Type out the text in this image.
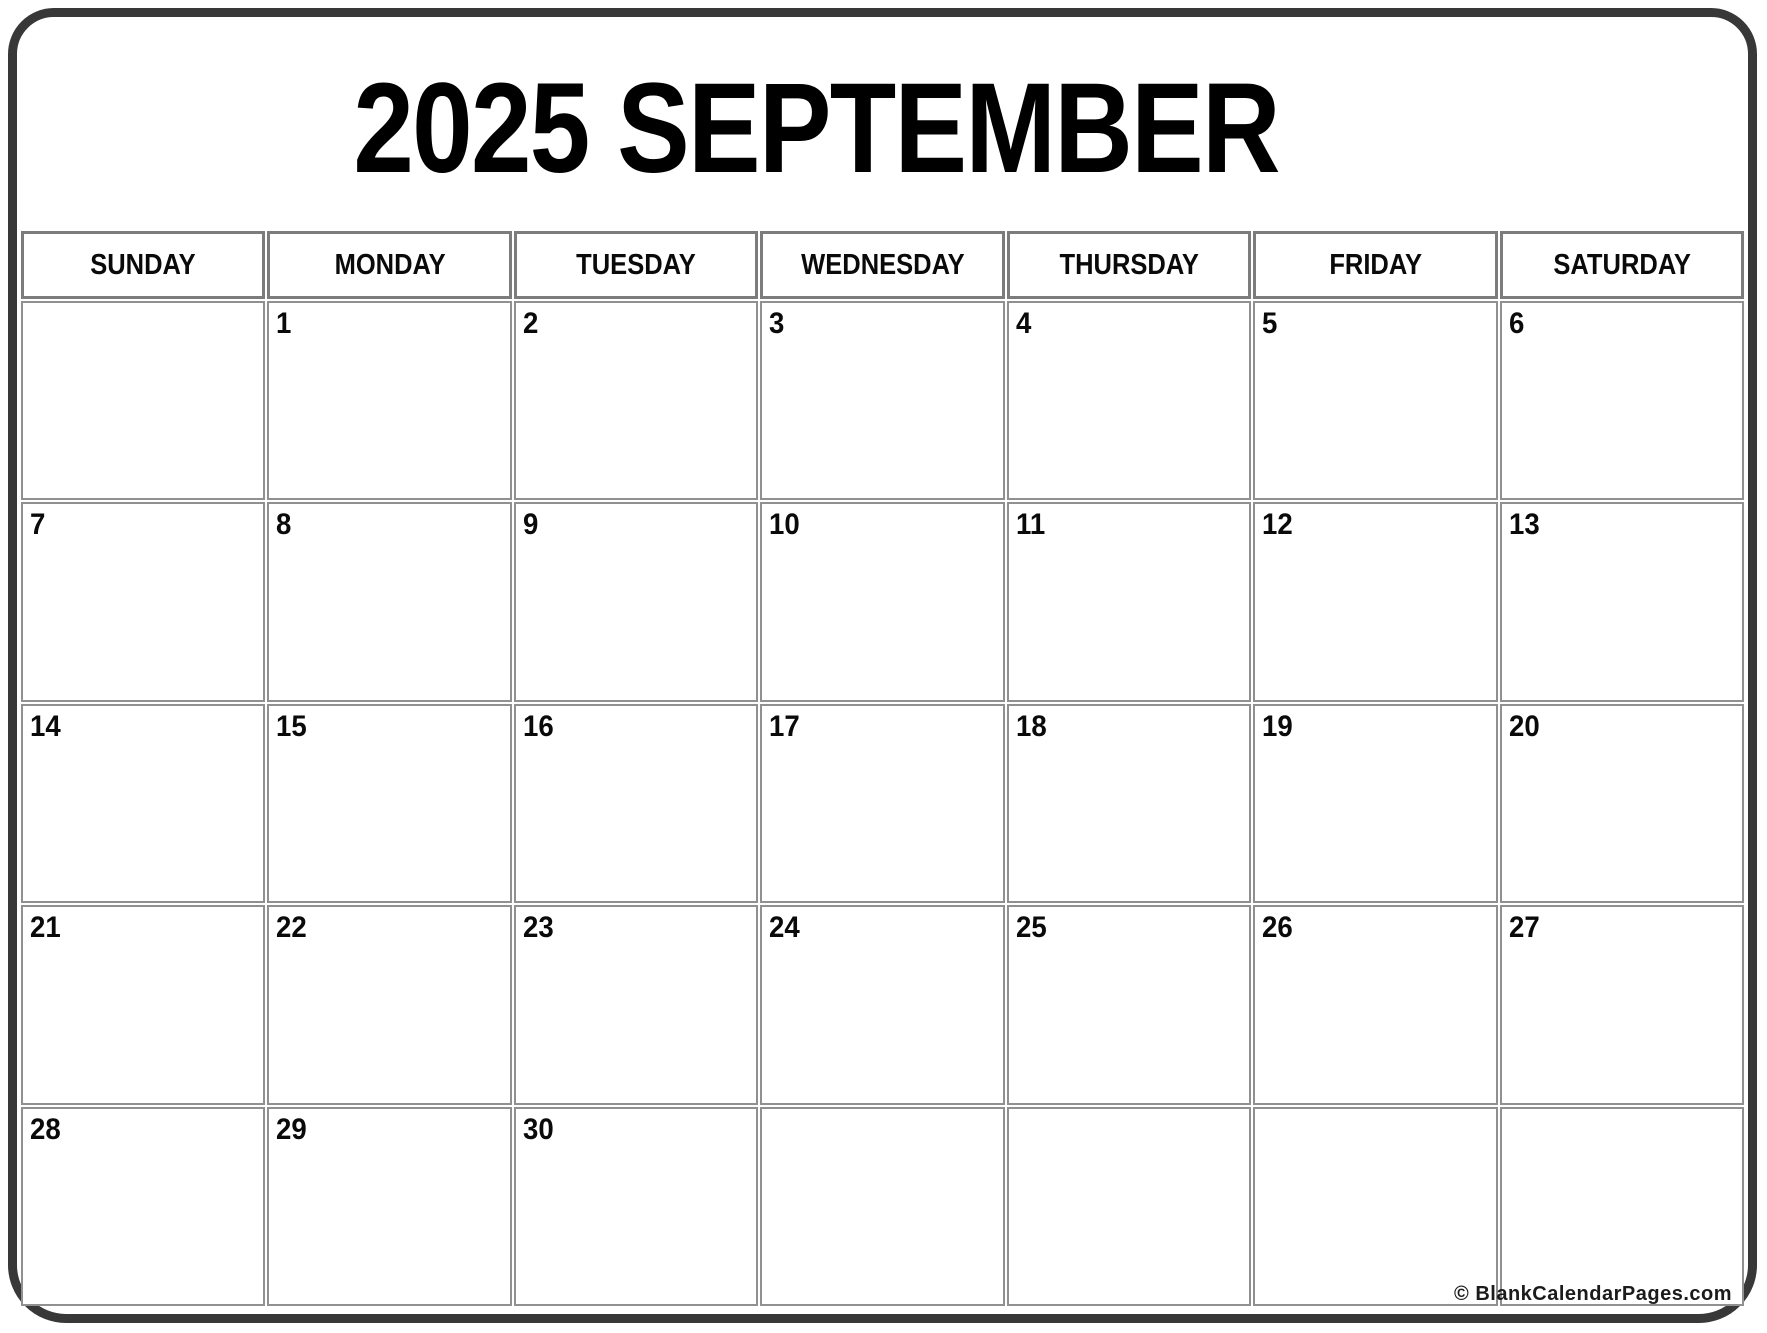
2025 SEPTEMBER
SUNDAY	MONDAY	TUESDAY	WEDNESDAY	THURSDAY	FRIDAY	SATURDAY
	1	2	3	4	5	6
7	8	9	10	11	12	13
14	15	16	17	18	19	20
21	22	23	24	25	26	27
28	29	30				
© BlankCalendarPages.com
